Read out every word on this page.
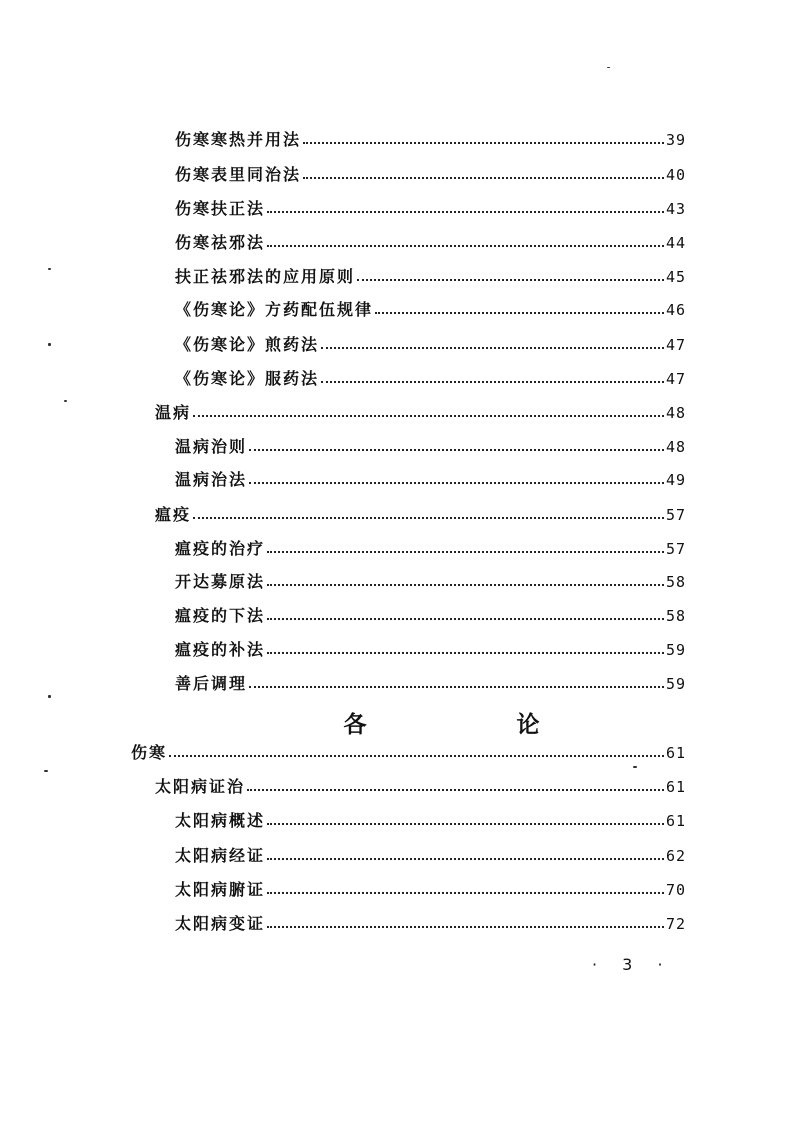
伤寒寒热并用法	39
伤寒表里同治法	40
伤寒扶正法	43
伤寒祛邪法	44
扶正祛邪法的应用原则	45
《伤寒论》方药配伍规律	46
《伤寒论》煎药法	47
《伤寒论》服药法	47
温病	48
温病治则	48
温病治法	49
瘟疫	57
瘟疫的治疗	57
开达募原法	58
瘟疫的下法	58
瘟疫的补法	59
善后调理	59
各	论
伤寒	61
太阳病证治	61
太阳病概述	61
太阳病经证	62
太阳病腑证	70
太阳病变证	72
· 3 ·
